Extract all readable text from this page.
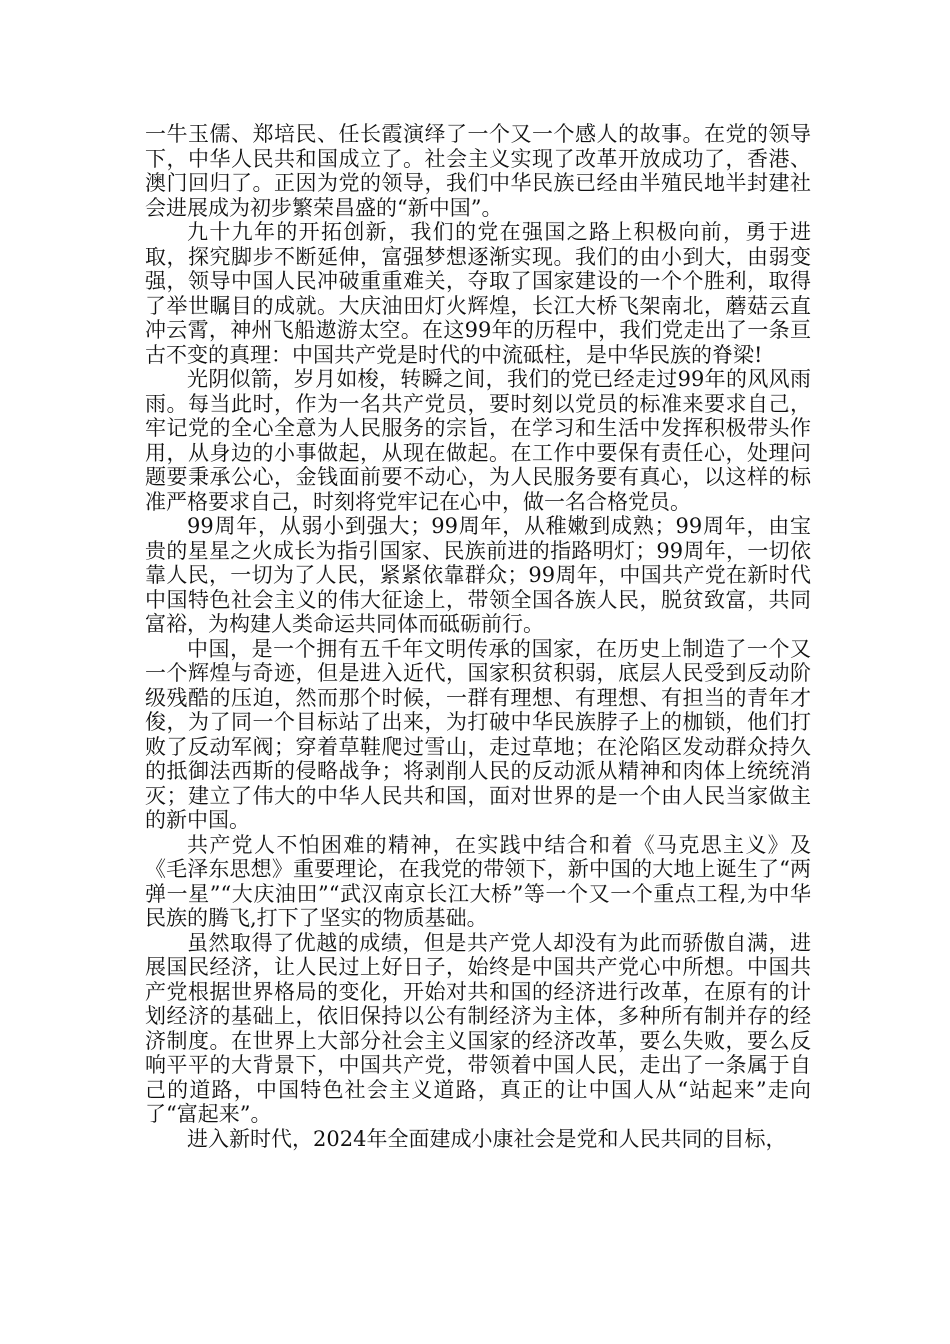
一牛玉儒、郑培民、任长霞演绎了一个又一个感人的故事。在党的领导下，中华人民共和国成立了。社会主义实现了改革开放成功了，香港、澳门回归了。正因为党的领导，我们中华民族已经由半殖民地半封建社会进展成为初步繁荣昌盛的“新中国”。

九十九年的开拓创新，我们的党在强国之路上积极向前，勇于进取，探究脚步不断延伸，富强梦想逐渐实现。我们的由小到大，由弱变强，领导中国人民冲破重重难关，夺取了国家建设的一个个胜利，取得了举世瞩目的成就。大庆油田灯火辉煌，长江大桥飞架南北，蘑菇云直冲云霄，神州飞船遨游太空。在这99年的历程中，我们党走出了一条亘古不变的真理：中国共产党是时代的中流砥柱，是中华民族的脊梁!

光阴似箭，岁月如梭，转瞬之间，我们的党已经走过99年的风风雨雨。每当此时，作为一名共产党员，要时刻以党员的标准来要求自己，牢记党的全心全意为人民服务的宗旨，在学习和生活中发挥积极带头作用，从身边的小事做起，从现在做起。在工作中要保有责任心，处理问题要秉承公心，金钱面前要不动心，为人民服务要有真心，以这样的标准严格要求自己，时刻将党牢记在心中，做一名合格党员。

99周年，从弱小到强大；99周年，从稚嫩到成熟；99周年，由宝贵的星星之火成长为指引国家、民族前进的指路明灯；99周年，一切依靠人民，一切为了人民，紧紧依靠群众；99周年，中国共产党在新时代中国特色社会主义的伟大征途上，带领全国各族人民，脱贫致富，共同富裕，为构建人类命运共同体而砥砺前行。

中国，是一个拥有五千年文明传承的国家，在历史上制造了一个又一个辉煌与奇迹，但是进入近代，国家积贫积弱，底层人民受到反动阶级残酷的压迫，然而那个时候，一群有理想、有理想、有担当的青年才俊，为了同一个目标站了出来，为打破中华民族脖子上的枷锁，他们打败了反动军阀；穿着草鞋爬过雪山，走过草地；在沦陷区发动群众持久的抵御法西斯的侵略战争；将剥削人民的反动派从精神和肉体上统统消灭；建立了伟大的中华人民共和国，面对世界的是一个由人民当家做主的新中国。

共产党人不怕困难的精神，在实践中结合和着《马克思主义》及《毛泽东思想》重要理论，在我党的带领下，新中国的大地上诞生了“两弹一星”“大庆油田”“武汉南京长江大桥”等一个又一个重点工程,为中华民族的腾飞,打下了坚实的物质基础。

虽然取得了优越的成绩，但是共产党人却没有为此而骄傲自满，进展国民经济，让人民过上好日子，始终是中国共产党心中所想。中国共产党根据世界格局的变化，开始对共和国的经济进行改革，在原有的计划经济的基础上，依旧保持以公有制经济为主体，多种所有制并存的经济制度。在世界上大部分社会主义国家的经济改革，要么失败，要么反响平平的大背景下，中国共产党，带领着中国人民，走出了一条属于自己的道路，中国特色社会主义道路，真正的让中国人从“站起来”走向了“富起来”。

进入新时代，2024年全面建成小康社会是党和人民共同的目标，
